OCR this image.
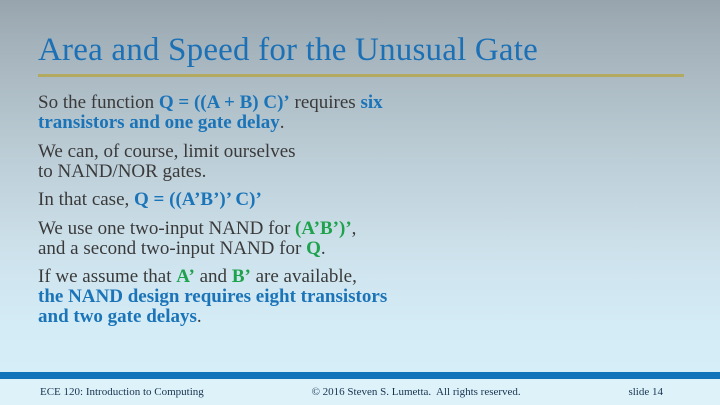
Area and Speed for the Unusual Gate

So the function Q = ((A + B) C)’ requires six
transistors and one gate delay.

We can, of course, limit ourselves
to NAND/NOR gates.

In that case, Q = ((A’B’)’ C)’

We use one two-input NAND for (A’B’)’,
and a second two-input NAND for Q.

If we assume that A’ and B’ are available,
the NAND design requires eight transistors
and two gate delays.

ECE 120: Introduction to Computing	© 2016 Steven S. Lumetta.  All rights reserved.	slide 14
